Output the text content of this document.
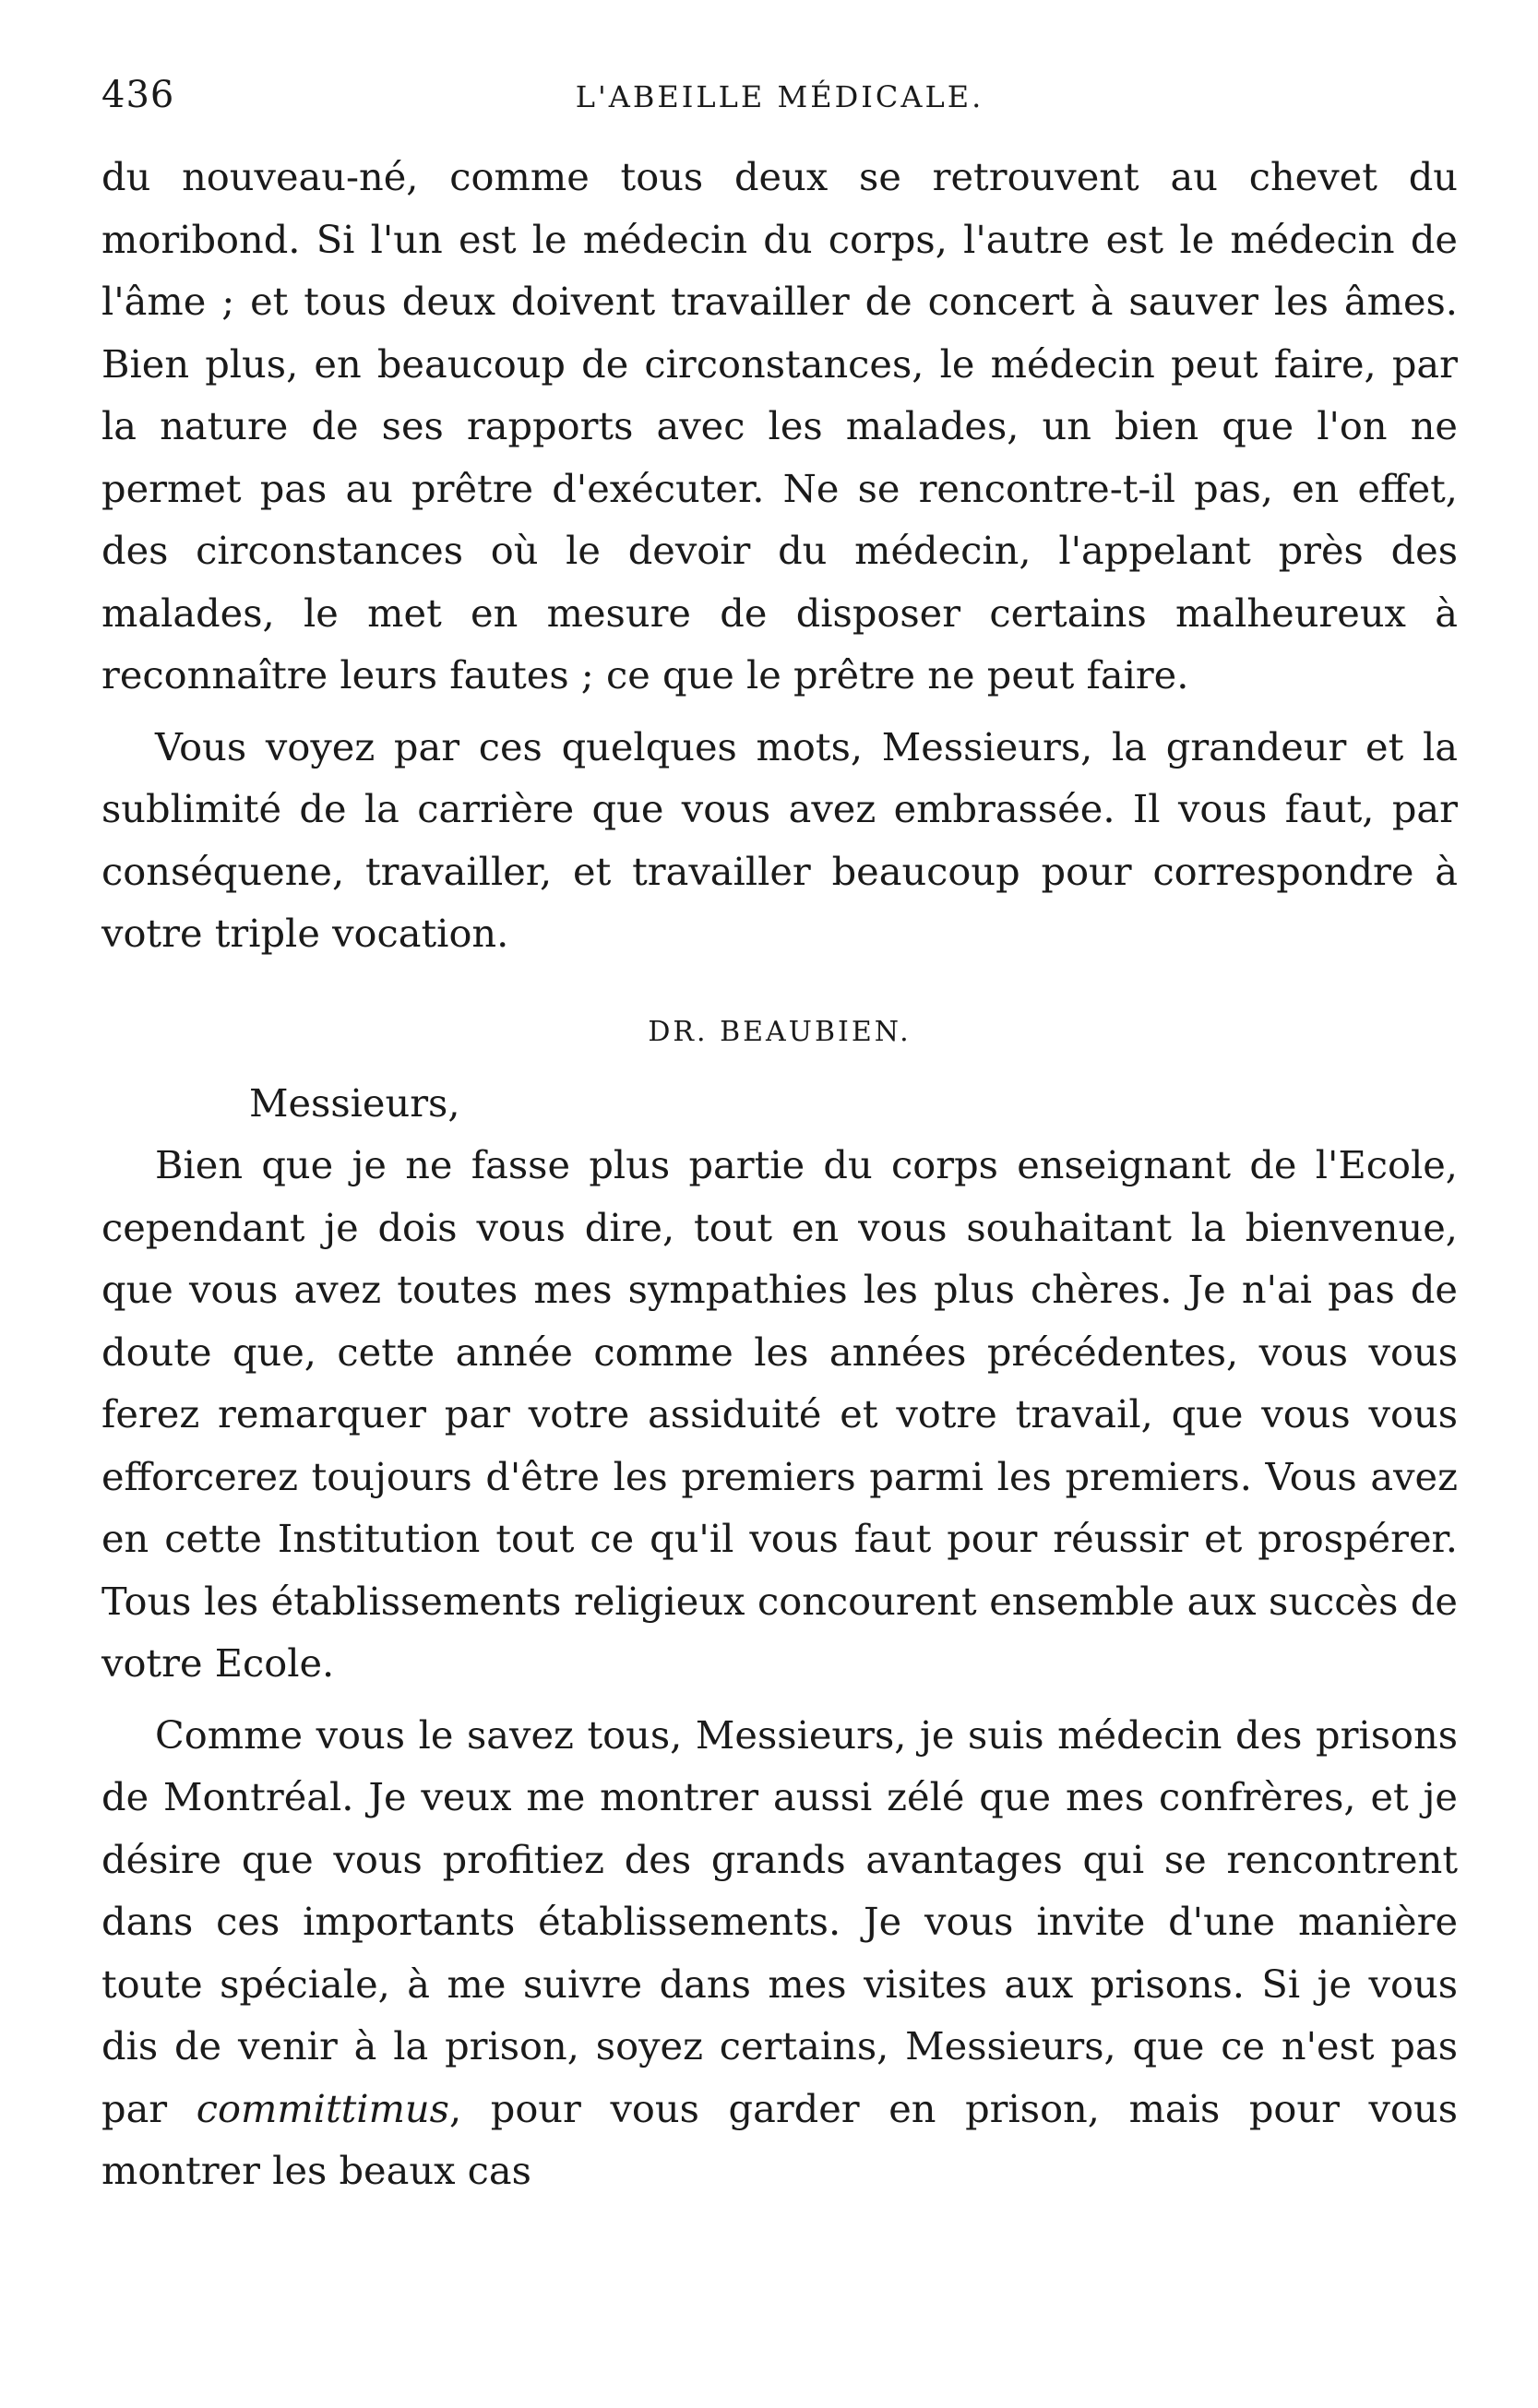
436	L'ABEILLE MÉDICALE.

du nouveau-né, comme tous deux se retrouvent au chevet du moribond. Si l'un est le médecin du corps, l'autre est le médecin de l'âme ; et tous deux doivent travailler de concert à sauver les âmes. Bien plus, en beaucoup de circonstances, le médecin peut faire, par la nature de ses rapports avec les malades, un bien que l'on ne permet pas au prêtre d'exécuter. Ne se rencontre-t-il pas, en effet, des circonstances où le devoir du médecin, l'appelant près des malades, le met en mesure de disposer certains malheureux à reconnaître leurs fautes ; ce que le prêtre ne peut faire.

Vous voyez par ces quelques mots, Messieurs, la grandeur et la sublimité de la carrière que vous avez embrassée. Il vous faut, par conséquene, travailler, et travailler beaucoup pour correspondre à votre triple vocation.

DR. BEAUBIEN.
Messieurs,

Bien que je ne fasse plus partie du corps enseignant de l'Ecole, cependant je dois vous dire, tout en vous souhaitant la bienvenue, que vous avez toutes mes sympathies les plus chères. Je n'ai pas de doute que, cette année comme les années précédentes, vous vous ferez remarquer par votre assiduité et votre travail, que vous vous efforcerez toujours d'être les premiers parmi les premiers. Vous avez en cette Institution tout ce qu'il vous faut pour réussir et prospérer. Tous les établissements religieux concourent ensemble aux succès de votre Ecole.

Comme vous le savez tous, Messieurs, je suis médecin des prisons de Montréal. Je veux me montrer aussi zélé que mes confrères, et je désire que vous profitiez des grands avantages qui se rencontrent dans ces importants établissements. Je vous invite d'une manière toute spéciale, à me suivre dans mes visites aux prisons. Si je vous dis de venir à la prison, soyez certains, Messieurs, que ce n'est pas par committimus, pour vous garder en prison, mais pour vous montrer les beaux cas
